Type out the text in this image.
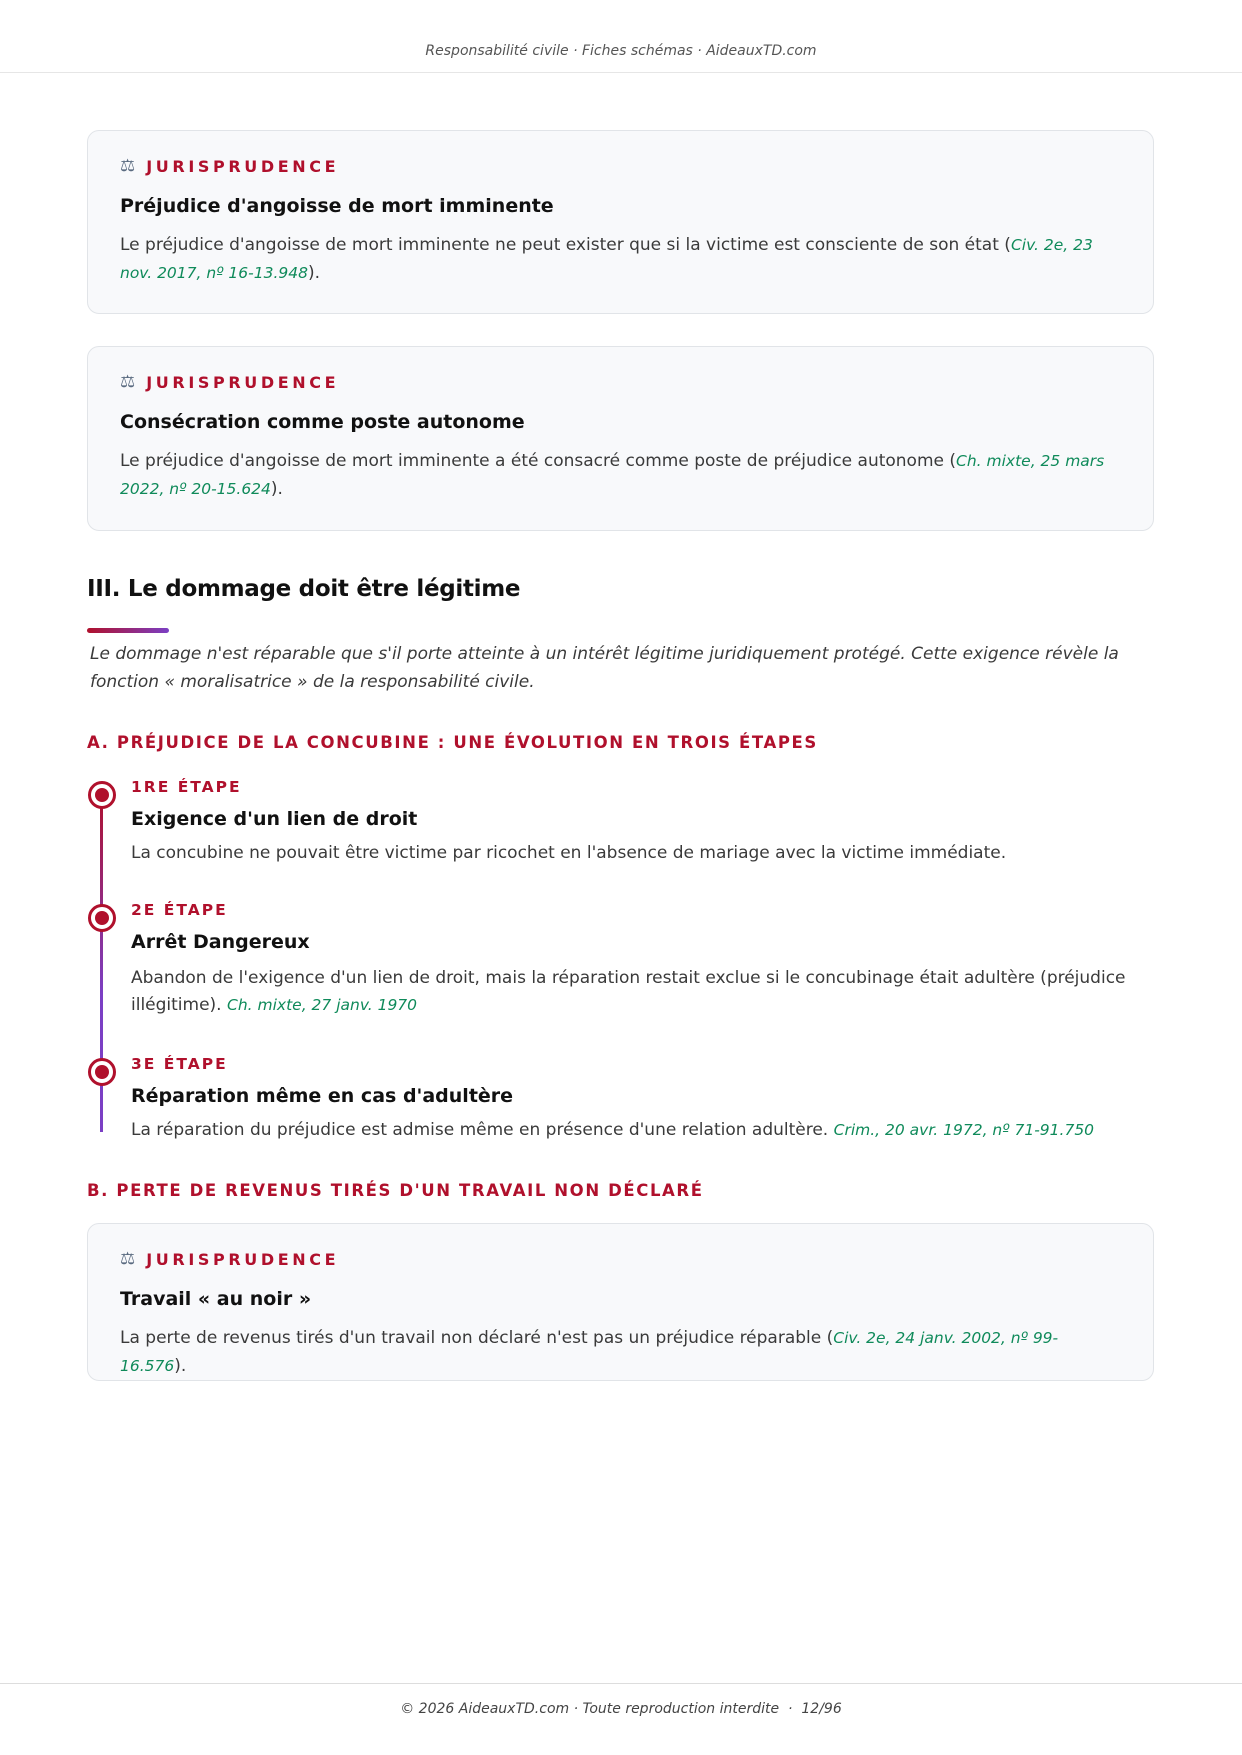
Responsabilité civile · Fiches schémas · AideauxTD.com
⚖ JURISPRUDENCE
Préjudice d'angoisse de mort imminente
Le préjudice d'angoisse de mort imminente ne peut exister que si la victime est consciente de son état (Civ. 2e, 23 nov. 2017, nº 16-13.948).
⚖ JURISPRUDENCE
Consécration comme poste autonome
Le préjudice d'angoisse de mort imminente a été consacré comme poste de préjudice autonome (Ch. mixte, 25 mars 2022, nº 20-15.624).
III. Le dommage doit être légitime
Le dommage n'est réparable que s'il porte atteinte à un intérêt légitime juridiquement protégé. Cette exigence révèle la fonction « moralisatrice » de la responsabilité civile.
A. PRÉJUDICE DE LA CONCUBINE : UNE ÉVOLUTION EN TROIS ÉTAPES
1RE ÉTAPE
Exigence d'un lien de droit
La concubine ne pouvait être victime par ricochet en l'absence de mariage avec la victime immédiate.
2E ÉTAPE
Arrêt Dangereux
Abandon de l'exigence d'un lien de droit, mais la réparation restait exclue si le concubinage était adultère (préjudice illégitime). Ch. mixte, 27 janv. 1970
3E ÉTAPE
Réparation même en cas d'adultère
La réparation du préjudice est admise même en présence d'une relation adultère. Crim., 20 avr. 1972, nº 71-91.750
B. PERTE DE REVENUS TIRÉS D'UN TRAVAIL NON DÉCLARÉ
⚖ JURISPRUDENCE
Travail « au noir »
La perte de revenus tirés d'un travail non déclaré n'est pas un préjudice réparable (Civ. 2e, 24 janv. 2002, nº 99-16.576).
© 2026 AideauxTD.com · Toute reproduction interdite · 12/96
